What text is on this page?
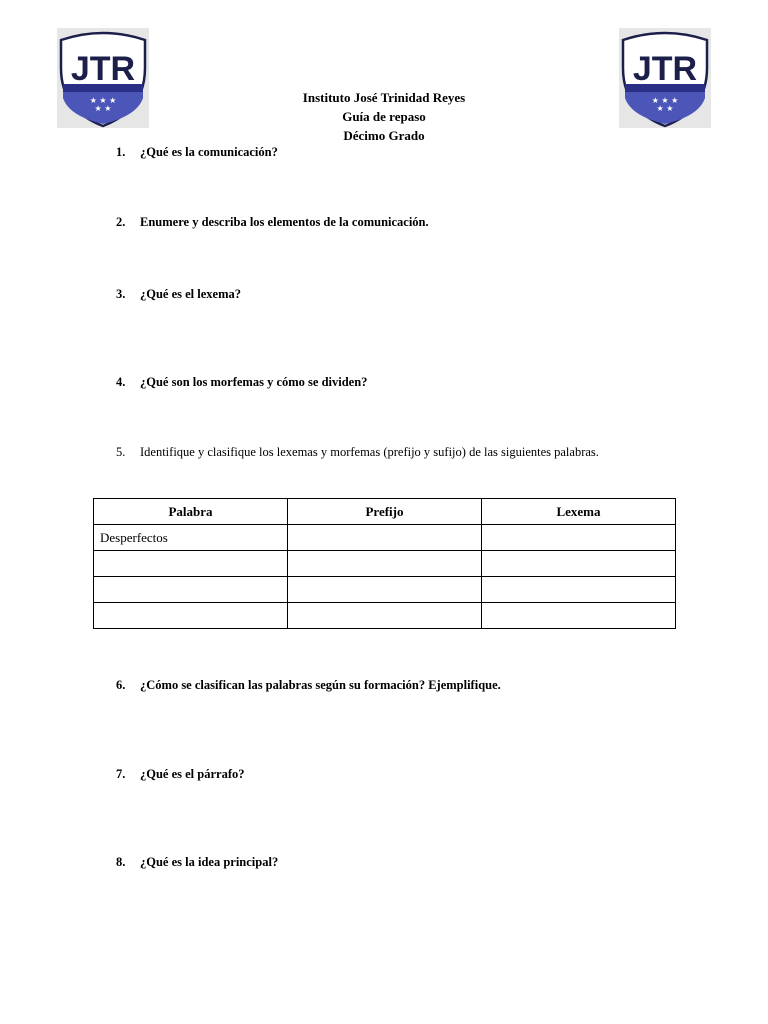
JTR
★ ★ ★
★ ★
JTR
★ ★ ★
★ ★
Instituto José Trinidad Reyes
Guía de repaso
Décimo Grado
1. ¿Qué es la comunicación?
2. Enumere y describa los elementos de la comunicación.
3. ¿Qué es el lexema?
4. ¿Qué son los morfemas y cómo se dividen?
5. Identifique y clasifique los lexemas y morfemas (prefijo y sufijo) de las siguientes palabras.
Palabra	Prefijo	Lexema
Desperfectos		

6. ¿Cómo se clasifican las palabras según su formación? Ejemplifique.
7. ¿Qué es el párrafo?
8. ¿Qué es la idea principal?
